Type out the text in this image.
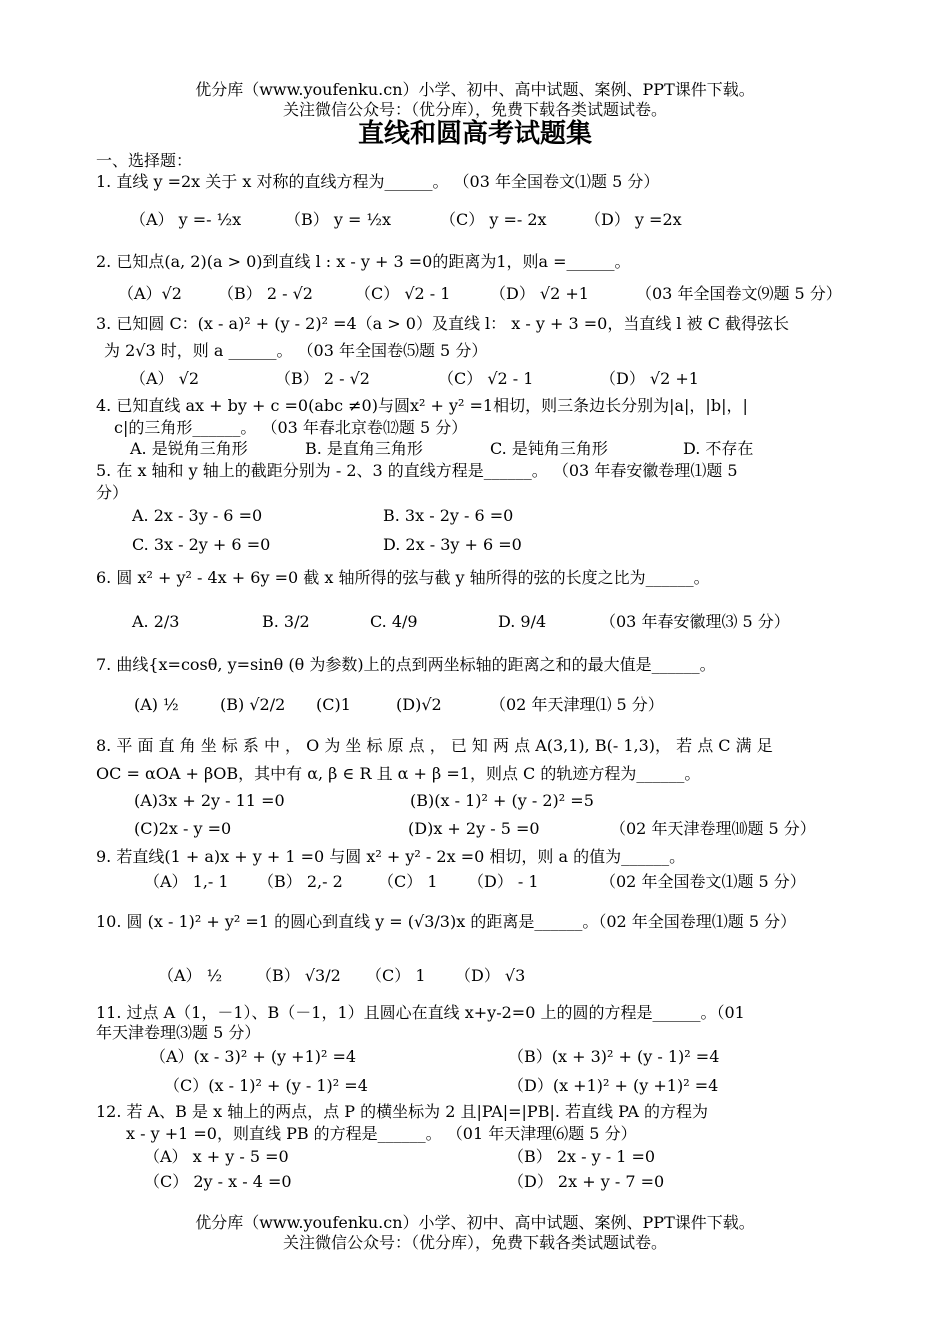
优分库（www.youfenku.cn）小学、初中、高中试题、案例、PPT课件下载。
关注微信公众号：（优分库），免费下载各类试题试卷。
直线和圆高考试题集
一、选择题：
1. 直线 y =2x 关于 x 对称的直线方程为______。 （03 年全国卷文⑴题 5 分）
（A） y =- ½x	（B） y = ½x	（C） y =- 2x （D） y =2x
2. 已知点(a, 2)(a > 0)到直线 l : x - y + 3 =0的距离为1，则a =______。
（A）√2 （B） 2 - √2	（C） √2 - 1 （D） √2 +1	（03 年全国卷文⑼题 5 分）
3. 已知圆 C：(x - a)² + (y - 2)² =4（a > 0）及直线 l： x - y + 3 =0，当直线 l 被 C 截得弦长
为 2√3 时，则 a ______。 （03 年全国卷⑸题 5 分）
（A） √2	（B） 2 - √2	（C） √2 - 1	（D） √2 +1
4. 已知直线 ax + by + c =0(abc ≠0)与圆x² + y² =1相切，则三条边长分别为|a|，|b|，|
c|的三角形______。 （03 年春北京卷⑿题 5 分）
A. 是锐角三角形	B. 是直角三角形	C. 是钝角三角形	D. 不存在
5. 在 x 轴和 y 轴上的截距分别为 - 2、3 的直线方程是______。 （03 年春安徽卷理⑴题 5
分）
A. 2x - 3y - 6 =0	B. 3x - 2y - 6 =0
C. 3x - 2y + 6 =0	D. 2x - 3y + 6 =0
6. 圆 x² + y² - 4x + 6y =0 截 x 轴所得的弦与截 y 轴所得的弦的长度之比为______。
A. 2/3	B. 3/2	C. 4/9	D. 9/4	（03 年春安徽理⑶ 5 分）
7. 曲线{x=cosθ, y=sinθ (θ 为参数)上的点到两坐标轴的距离之和的最大值是______。
(A) ½	(B) √2/2 (C)1	(D)√2	（02 年天津理⑴ 5 分）
8. 平 面 直 角 坐 标 系 中 ， O 为 坐 标 原 点 ， 已 知 两 点 A(3,1), B(- 1,3)， 若 点 C 满 足
OC = αOA + βOB，其中有 α, β ∈ R 且 α + β =1，则点 C 的轨迹方程为______。
(A)3x + 2y - 11 =0	(B)(x - 1)² + (y - 2)² =5
(C)2x - y =0	(D)x + 2y - 5 =0	（02 年天津卷理⑽题 5 分）
9. 若直线(1 + a)x + y + 1 =0 与圆 x² + y² - 2x =0 相切，则 a 的值为______。
（A） 1,- 1 （B） 2,- 2 （C） 1 （D） - 1	（02 年全国卷文⑴题 5 分）
10. 圆 (x - 1)² + y² =1 的圆心到直线 y = (√3/3)x 的距离是______。（02 年全国卷理⑴题 5 分）
（A） ½ （B） √3/2 （C） 1 （D） √3
11. 过点 A（1，－1）、B（－1，1）且圆心在直线 x+y-2=0 上的圆的方程是______。（01
年天津卷理⑶题 5 分）
（A）(x - 3)² + (y +1)² =4	（B）(x + 3)² + (y - 1)² =4
（C）(x - 1)² + (y - 1)² =4	（D）(x +1)² + (y +1)² =4
12. 若 A、B 是 x 轴上的两点，点 P 的横坐标为 2 且|PA|=|PB|. 若直线 PA 的方程为
x - y +1 =0，则直线 PB 的方程是______。 （01 年天津理⑹题 5 分）
（A） x + y - 5 =0	（B） 2x - y - 1 =0
（C） 2y - x - 4 =0	（D） 2x + y - 7 =0
优分库（www.youfenku.cn）小学、初中、高中试题、案例、PPT课件下载。
关注微信公众号：（优分库），免费下载各类试题试卷。
